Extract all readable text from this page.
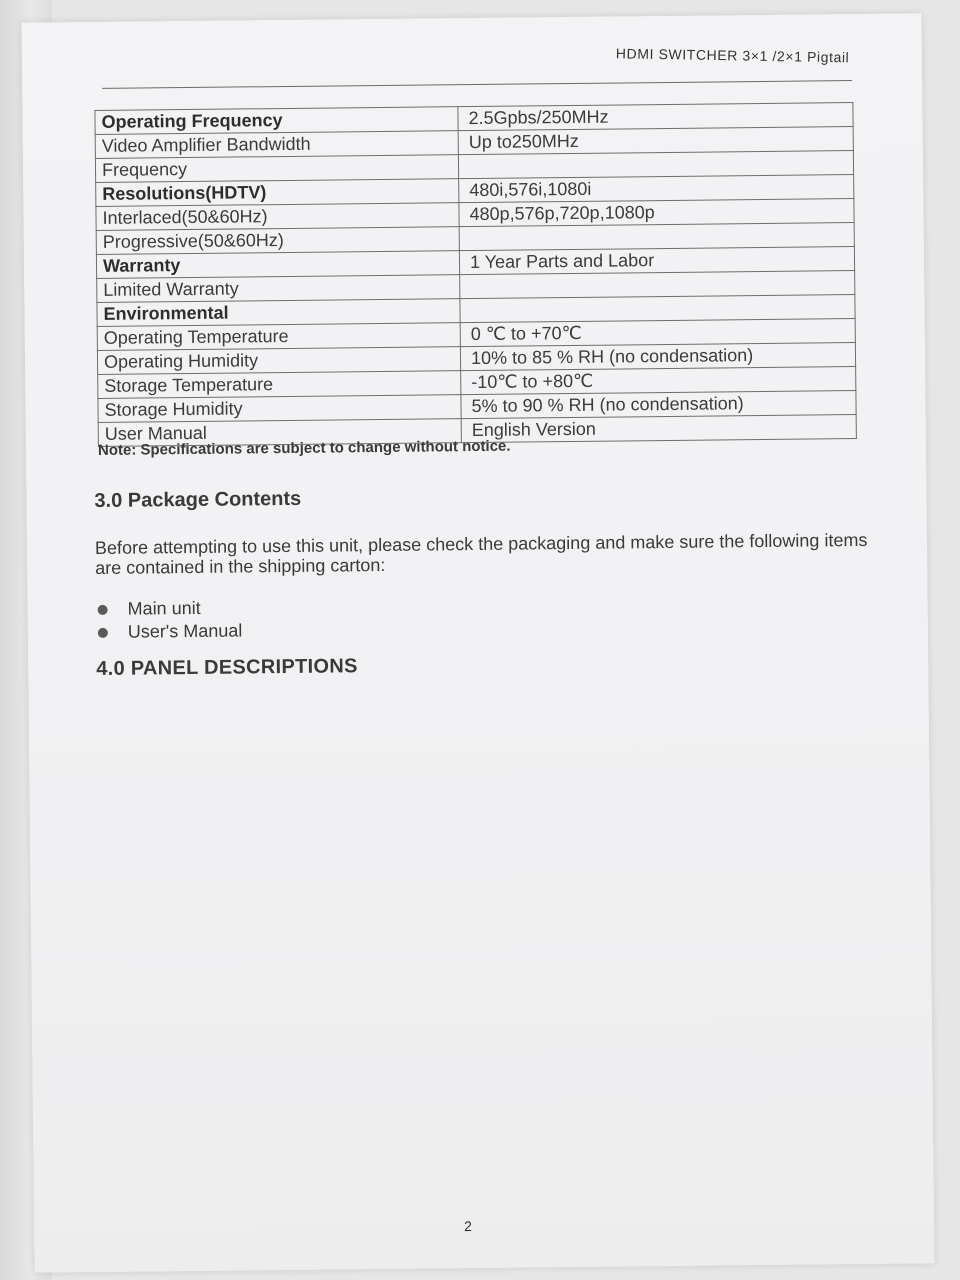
HDMI SWITCHER 3×1 /2×1 Pigtail
Operating Frequency	2.5Gpbs/250MHz
Video Amplifier Bandwidth	Up to250MHz
Frequency	
Resolutions(HDTV)	480i,576i,1080i
Interlaced(50&60Hz)	480p,576p,720p,1080p
Progressive(50&60Hz)	
Warranty	1 Year Parts and Labor
Limited Warranty	
Environmental	
Operating Temperature	0 ℃ to +70℃
Operating Humidity	10% to 85 % RH (no condensation)
Storage Temperature	-10℃ to +80℃
Storage Humidity	5% to 90 % RH (no condensation)
User Manual	English Version
Note: Specifications are subject to change without notice.
3.0 Package Contents
Before attempting to use this unit, please check the packaging and make sure the following items are contained in the shipping carton:
Main unit
User's Manual
4.0 PANEL DESCRIPTIONS
2
